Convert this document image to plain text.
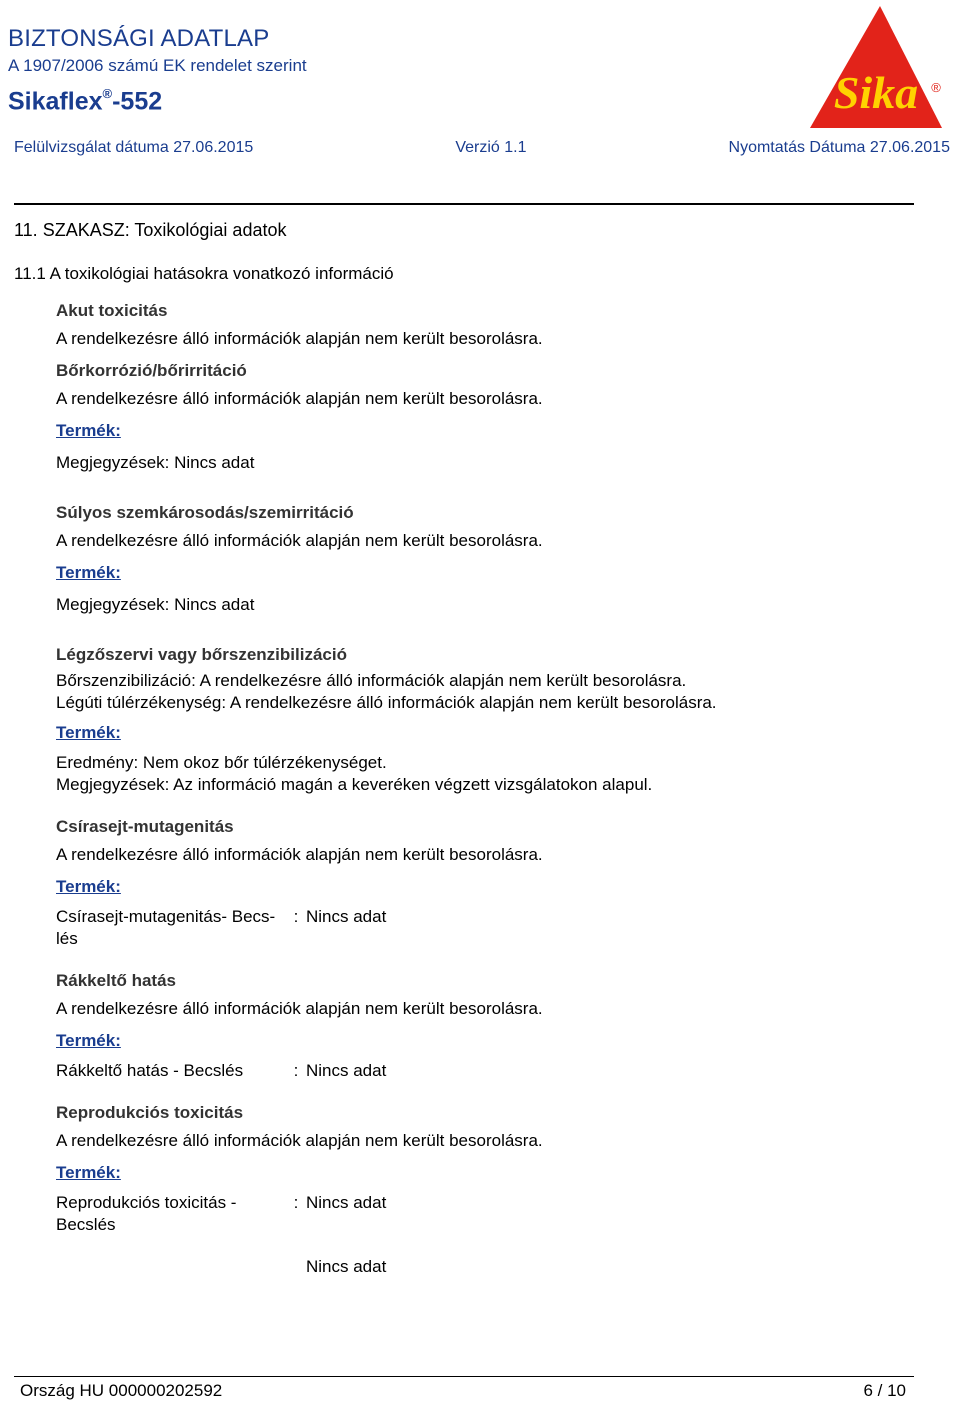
BIZTONSÁGI ADATLAP
A 1907/2006 számú EK rendelet szerint
Sikaflex®-552	Sika ®
Felülvizsgálat dátuma 27.06.2015	Verzió 1.1	Nyomtatás Dátuma 27.06.2015
11. SZAKASZ: Toxikológiai adatok
11.1 A toxikológiai hatásokra vonatkozó információ
Akut toxicitás
A rendelkezésre álló információk alapján nem került besorolásra.
Bőrkorrózió/bőrirritáció
A rendelkezésre álló információk alapján nem került besorolásra.
Termék:
Megjegyzések: Nincs adat
Súlyos szemkárosodás/szemirritáció
A rendelkezésre álló információk alapján nem került besorolásra.
Termék:
Megjegyzések: Nincs adat
Légzőszervi vagy bőrszenzibilizáció
Bőrszenzibilizáció: A rendelkezésre álló információk alapján nem került besorolásra.
Légúti túlérzékenység: A rendelkezésre álló információk alapján nem került besorolásra.
Termék:
Eredmény: Nem okoz bőr túlérzékenységet.
Megjegyzések: Az információ magán a keveréken végzett vizsgálatokon alapul.
Csírasejt-mutagenitás
A rendelkezésre álló információk alapján nem került besorolásra.
Termék:
Csírasejt-mutagenitás- Becs-
lés
: Nincs adat
Rákkeltő hatás
A rendelkezésre álló információk alapján nem került besorolásra.
Termék:
Rákkeltő hatás - Becslés	: Nincs adat
Reprodukciós toxicitás
A rendelkezésre álló információk alapján nem került besorolásra.
Termék:
Reprodukciós toxicitás -
Becslés
: Nincs adat
Nincs adat
Ország HU 000000202592	6 / 10
